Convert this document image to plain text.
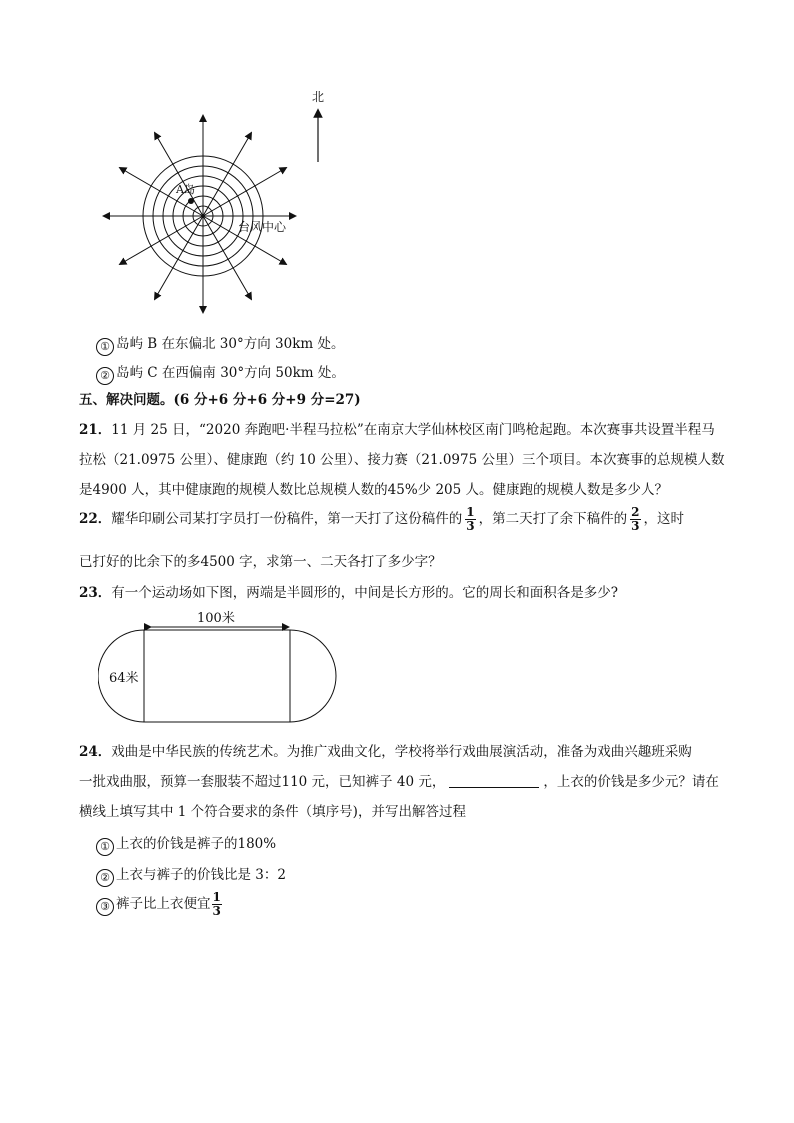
A岛
台风中心
北
① 岛屿 B 在东偏北 30°方向 30km 处。
② 岛屿 C 在西偏南 30°方向 50km 处。
五、解决问题。(6 分+6 分+6 分+9 分=27)
21．11 月 25 日，“2020 奔跑吧·半程马拉松”在南京大学仙林校区南门鸣枪起跑。本次赛事共设置半程马
拉松（21.0975 公里）、健康跑（约 10 公里）、接力赛（21.0975 公里）三个项目。本次赛事的总规模人数
是4900 人，其中健康跑的规模人数比总规模人数的45%少 205 人。健康跑的规模人数是多少人？
22．耀华印刷公司某打字员打一份稿件，第一天打了这份稿件的 $\frac{1}{3}$ ，第二天打了余下稿件的 $\frac{2}{3}$ ，这时
已打好的比余下的多4500 字，求第一、二天各打了多少字？
23．有一个运动场如下图，两端是半圆形的，中间是长方形的。它的周长和面积各是多少?
100米
64米
24．戏曲是中华民族的传统艺术。为推广戏曲文化，学校将举行戏曲展演活动，准备为戏曲兴趣班采购
一批戏曲服，预算一套服装不超过110 元，已知裤子 40 元，	，上衣的价钱是多少元？请在
横线上填写其中 1 个符合要求的条件（填序号)，并写出解答过程
① 上衣的价钱是裤子的180%
② 上衣与裤子的价钱比是 3：2
③ 裤子比上衣便宜 $\frac{1}{3}$
